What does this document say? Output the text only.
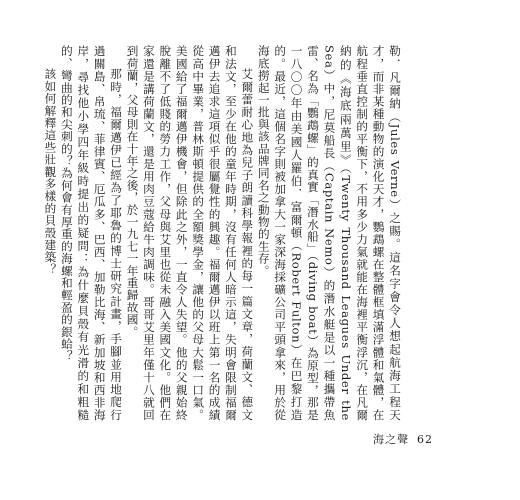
勒．凡爾納（Jules Verne）之賜。這名字會令人想起航海工程天才，而非某種動物的演化天才，鸚鵡螺在整體框填滿浮體和氣體，在航程垂直控制的平衡下，不用多少力氣就能在海裡平衡浮沉，在凡爾納的《海底兩萬里》（Twenty Thousand Leagues Under the Sea）中，尼莫船長（Captain Nemo）的潛水艇是以一種攜帶魚雷、名為「鸚鵡螺」的真實「潛水船」（diving boat）為原型，那是一八〇〇年由美國人羅伯．富爾頓（Robert Fulton）在巴黎打造的。最近，這個名字則被加拿大一家深海採礦公司平頭拿來，用於從海底撈起一批與該品牌同名之動物的生存。

艾爾蕾耐心地為兒子朗讀科學報裡的每一篇文章，荷蘭文、德文和法文，至少在他的童年時期，沒有任何人暗示這，失明會限制福爾邁伊去追求這項似乎很屬覺性的興趣。福爾邁伊以班上第一名的成績從高中畢業，普林斯頓提供的全額獎學金，讓他的父母大鬆一口氣。美國給了福爾邁伊機會，但除此之外，一直令人失望。他的父親始終脫離不了低賤的勞力工作，父母與艾里也從未融入美國文化。他們在家還是講荷蘭文，還是用肉豆蔻給牛肉調味。哥哥艾里年僅十八就回到荷蘭，父母則在十年之後，於一九七一年重歸故國。

那時，福爾邁伊已經為了耶魯的博士研究計畫，手腳並用地爬行過關島、帛琉、菲律賓、厄瓜多、巴西、加勒比海、新加坡和西非海岸，尋找他小學四年級時提出的疑問：為什麼貝殼有光滑的和粗糙的、彎曲的和尖刺的？為何會有厚重的海螺和輕盈的銀蛤？

該如何解釋這些壯觀多樣的貝殼建築？

海之聲 62
